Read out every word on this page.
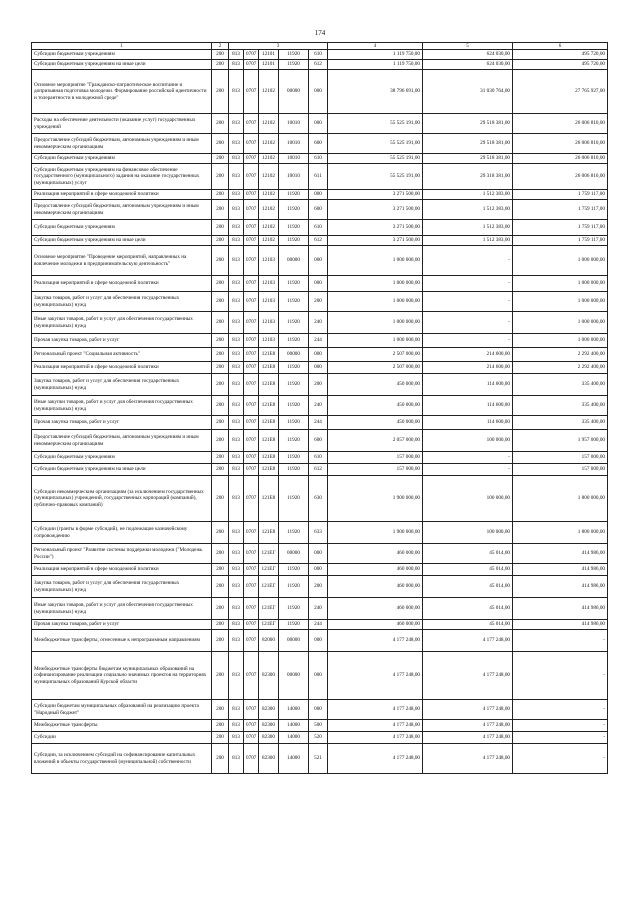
174
1	2	3					4	5	6
Субсидии бюджетным учреждениям	200	813	0707	12101	11920	610	1 119 750,00	624 030,00	495 720,00
Субсидии бюджетным учреждениям на иные цели	200	813	0707	12101	11920	612	1 119 750,00	624 030,00	495 720,00
Основное мероприятие "Гражданско-патриотическое воспитание и допризывная подготовка молодежи. Формирование российской идентичности и толерантности в молодежной среде"	200	813	0707	12102	00000	000	38 796 691,00	31 030 764,00	27 765 927,00
Расходы на обеспечение деятельности (оказание услуг) государственных учреждений	200	813	0707	12102	10010	000	55 525 191,00	29 518 381,00	26 006 810,00
Предоставление субсидий бюджетным, автономным учреждениям и иным некоммерческим организациям	200	813	0707	12102	10010	600	55 525 191,00	29 518 381,00	26 006 810,00
Субсидии бюджетным учреждениям	200	813	0707	12102	10010	610	55 525 191,00	29 518 381,00	26 006 810,00
Субсидии бюджетным учреждениям на финансовое обеспечение государственного (муниципального) задания на оказание государственных (муниципальных) услуг	200	813	0707	12102	10010	611	55 525 191,00	29 318 381,00	26 006 810,00
Реализация мероприятий в сфере молодежной политики	200	813	0707	12102	11920	000	3 271 500,00	1 512 383,00	1 759 117,00
Предоставление субсидий бюджетным, автономным учреждениям и иным некоммерческим организациям	200	813	0707	12102	11920	600	3 271 500,00	1 512 383,00	1 759 117,00
Субсидии бюджетным учреждениям	200	813	0707	12102	11920	610	3 271 500,00	1 512 383,00	1 759 117,00
Субсидии бюджетным учреждениям на иные цели	200	813	0707	12102	11920	612	3 271 500,00	1 512 383,00	1 759 117,00
Основное мероприятие "Проведение мероприятий, направленных на вовлечение молодежи в предпринимательскую деятельность"	200	813	0707	12103	00000	000	1 000 000,00	-	1 000 000,00
Реализация мероприятий в сфере молодежной политики	200	813	0707	12103	11920	000	1 000 000,00	-	1 000 000,00
Закупка товаров, работ и услуг для обеспечения государственных (муниципальных) нужд	200	813	0707	12103	11920	200	1 000 000,00	-	1 000 000,00
Иные закупки товаров, работ и услуг для обеспечения государственных (муниципальных) нужд	200	813	0707	12103	11920	240	1 000 000,00	-	1 000 000,00
Прочая закупка товаров, работ и услуг	200	813	0707	12103	11920	244	1 000 000,00	-	1 000 000,00
Региональный проект "Социальная активность"	200	813	0707	121E8	00000	000	2 507 000,00	214 600,00	2 292 400,00
Реализация мероприятий в сфере молодежной политики	200	813	0707	121E8	11920	000	2 507 000,00	214 600,00	2 292 400,00
Закупка товаров, работ и услуг для обеспечения государственных (муниципальных) нужд	200	813	0707	121E8	11920	200	450 000,00	114 600,00	335 400,00
Иные закупки товаров, работ и услуг для обеспечения государственных (муниципальных) нужд	200	813	0707	121E8	11920	240	450 000,00	114 600,00	335 400,00
Прочая закупка товаров, работ и услуг	200	813	0707	121E8	11920	244	450 000,00	114 600,00	335 400,00
Предоставление субсидий бюджетным, автономным учреждениям и иным некоммерческим организациям	200	813	0707	121E8	11920	600	2 057 000,00	100 000,00	1 957 000,00
Субсидии бюджетным учреждениям	200	813	0707	121E8	11920	610	157 000,00	-	157 000,00
Субсидии бюджетным учреждениям на иные цели	200	813	0707	121E8	11920	612	157 000,00	-	157 000,00
Субсидии некоммерческим организациям (за исключением государственных (муниципальных) учреждений, государственных корпораций (компаний), публично-правовых компаний)	200	813	0707	121E8	11920	630	1 900 000,00	100 000,00	1 800 000,00
Субсидии (гранты в форме субсидий), не подлежащие казначейскому сопровождению	200	813	0707	121E8	11920	633	1 900 000,00	100 000,00	1 800 000,00
Региональный проект "Развитие системы поддержки молодежи ("Молодежь России")	200	813	0707	121EГ	00000	000	460 000,00	45 014,00	414 986,00
Реализация мероприятий в сфере молодежной политики	200	813	0707	121EГ	11920	000	460 000,00	45 014,00	414 986,00
Закупка товаров, работ и услуг для обеспечения государственных (муниципальных) нужд	200	813	0707	121EГ	11920	200	460 000,00	45 014,00	414 986,00
Иные закупки товаров, работ и услуг для обеспечения государственных (муниципальных) нужд	200	813	0707	121EГ	11920	240	460 000,00	45 014,00	414 986,00
Прочая закупка товаров, работ и услуг	200	813	0707	121EГ	11920	244	460 000,00	45 014,00	414 986,00
Межбюджетные трансферты, отнесенные к непрограммным направлениям	200	813	0707	82000	00000	000	4 177 248,00	4 177 248,00	-
Межбюджетные трансферты бюджетам муниципальных образований на софинансирование реализации социально значимых проектов на территориях муниципальных образований Курской области	200	813	0707	82300	00000	000	4 177 248,00	4 177 248,00	-
Субсидии бюджетам муниципальных образований на реализацию проекта "Народный бюджет"	200	813	0707	82300	14000	000	4 177 248,00	4 177 248,00	-
Межбюджетные трансферты	200	813	0707	82300	14000	500	4 177 248,00	4 177 248,00	-
Субсидии	200	813	0707	82300	14000	520	4 177 248,00	4 177 248,00	-
Субсидии, за исключением субсидий на софинансирование капитальных вложений в объекты государственной (муниципальной) собственности	200	813	0707	82300	14000	521	4 177 248,00	4 177 248,00	-
